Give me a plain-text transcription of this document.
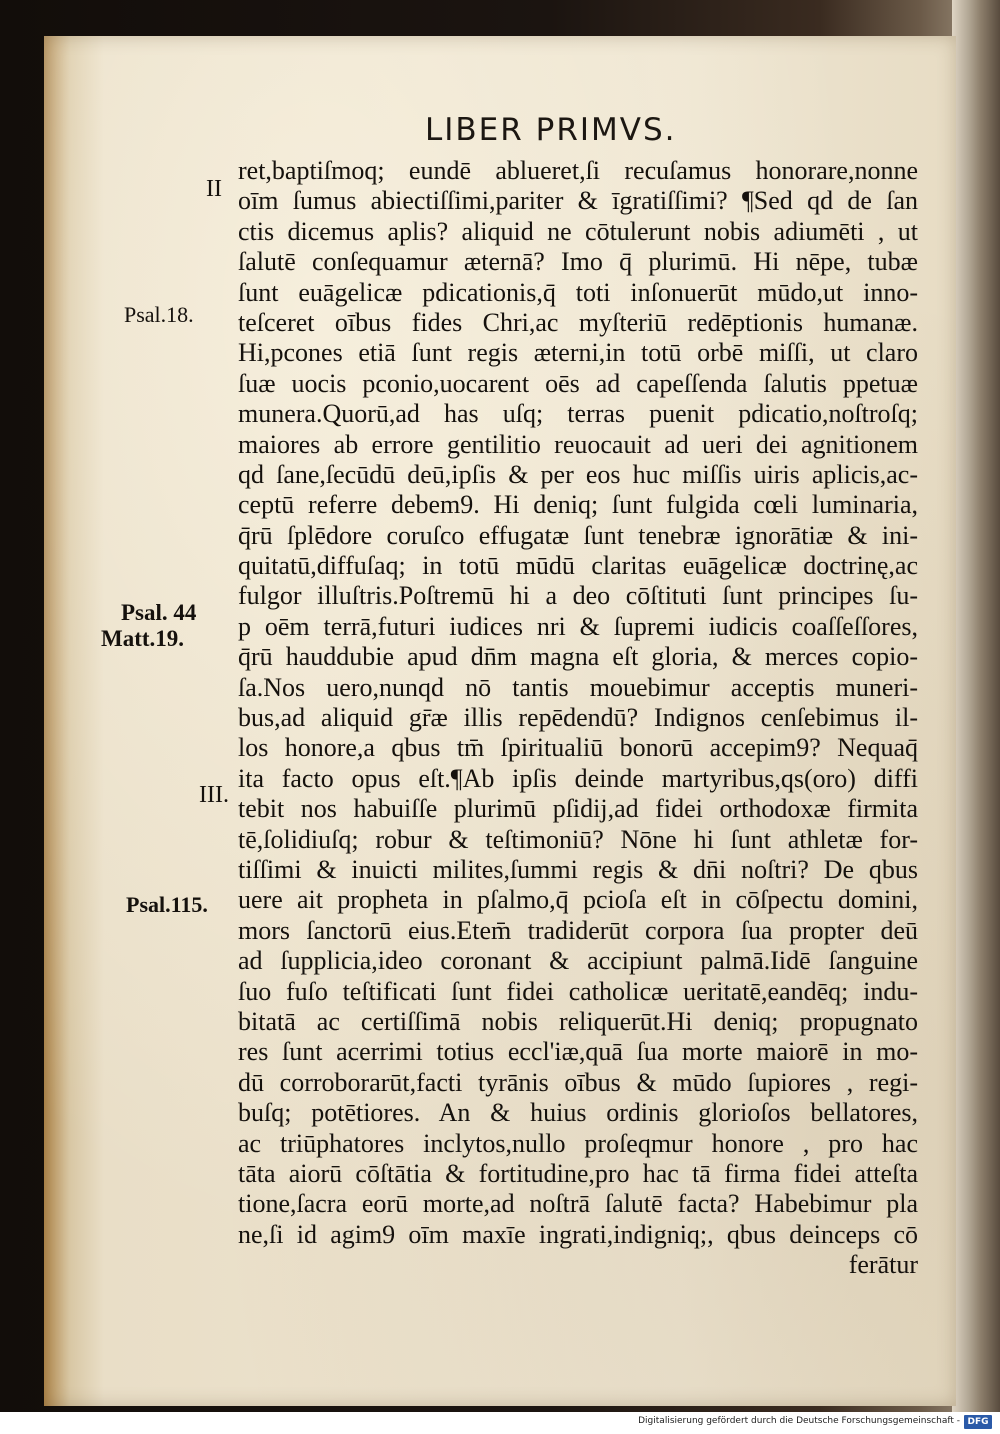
LIBER PRIMVS.
II
Psal.18.
Psal. 44
Matt.19.
III.
Psal.115.
ret,baptiſmoq; eundē ablueret,ſi recuſamus honorare,nonne
oīm ſumus abiectiſſimi,pariter & īgratiſſimi? ¶Sed qd de ſan
ctis dicemus aplis? aliquid ne cōtulerunt nobis adiumēti , ut
ſalutē conſequamur æternā? Imo q̄ plurimū. Hi nēpe, tubæ
ſunt euāgelicæ pdicationis,q̄ toti inſonuerūt mūdo,ut inno-
teſceret oībus fides Chri,ac myſteriū redēptionis humanæ.
Hi,pcones etiā ſunt regis æterni,in totū orbē miſſi, ut claro
ſuæ uocis pconio,uocarent oēs ad capeſſenda ſalutis ppetuæ
munera.Quorū,ad has uſq; terras puenit pdicatio,noſtroſq;
maiores ab errore gentilitio reuocauit ad ueri dei agnitionem
qd ſane,ſecūdū deū,ipſis & per eos huc miſſis uiris aplicis,ac-
ceptū referre debem9. Hi deniq; ſunt fulgida cœli luminaria,
q̄rū ſplēdore coruſco effugatæ ſunt tenebræ ignorātiæ & ini-
quitatū,diffuſaq; in totū mūdū claritas euāgelicæ doctrinę,ac
fulgor illuſtris.Poſtremū hi a deo cōſtituti ſunt principes ſu-
p oēm terrā,futuri iudices nri & ſupremi iudicis coaſſeſſores,
q̄rū hauddubie apud dn̄m magna eſt gloria, & merces copio-
ſa.Nos uero,nunqd nō tantis mouebimur acceptis muneri-
bus,ad aliquid gr̄æ illis repēdendū? Indignos cenſebimus il-
los honore,a qbus tm̄ ſpiritualiū bonorū accepim9? Nequaq̄
ita facto opus eſt.¶Ab ipſis deinde martyribus,qs(oro) diffi
tebit nos habuiſſe plurimū pſidij,ad fidei orthodoxæ firmita
tē,ſolidiuſq; robur & teſtimoniū? Nōne hi ſunt athletæ for-
tiſſimi & inuicti milites,ſummi regis & dn̄i noſtri? De qbus
uere ait propheta in pſalmo,q̄ pcioſa eſt in cōſpectu domini,
mors ſanctorū eius.Etem̄ tradiderūt corpora ſua propter deū
ad ſupplicia,ideo coronant & accipiunt palmā.Iidē ſanguine
ſuo fuſo teſtificati ſunt fidei catholicæ ueritatē,eandēq; indu-
bitatā ac certiſſimā nobis reliquerūt.Hi deniq; propugnato
res ſunt acerrimi totius eccl'iæ,quā ſua morte maiorē in mo-
dū corroborarūt,facti tyrānis oībus & mūdo ſupiores , regi-
buſq; potētiores. An & huius ordinis glorioſos bellatores,
ac triūphatores inclytos,nullo proſeqmur honore , pro hac
tāta aiorū cōſtātia & fortitudine,pro hac tā firma fidei atteſta
tione,ſacra eorū morte,ad noſtrā ſalutē facta? Habebimur pla
ne,ſi id agim9 oīm maxīe ingrati,indigniq;, qbus deinceps cō
ferātur
Digitalisierung gefördert durch die Deutsche Forschungsgemeinschaft - DFG
